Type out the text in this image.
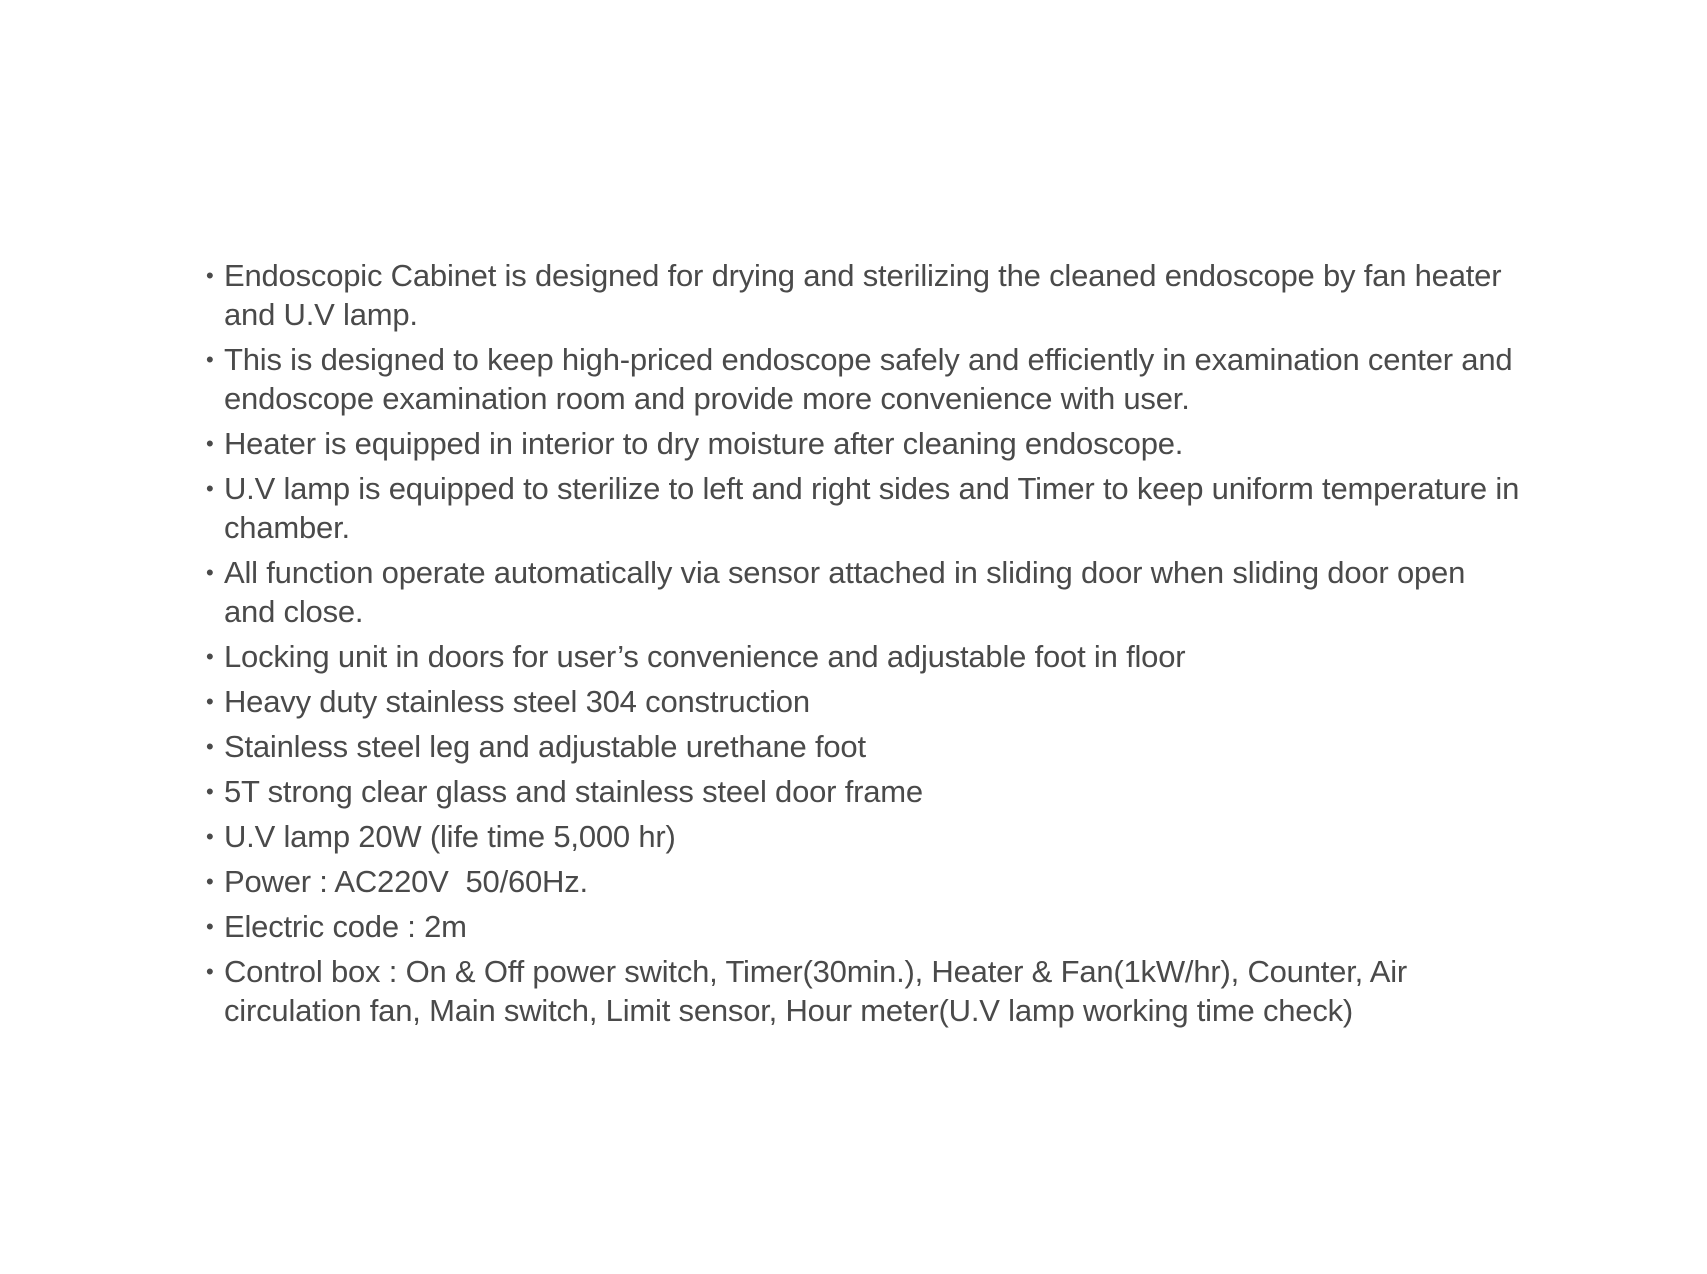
• Endoscopic Cabinet is designed for drying and sterilizing the cleaned endoscope by fan heater and U.V lamp.
• This is designed to keep high-priced endoscope safely and efficiently in examination center and endoscope examination room and provide more convenience with user.
• Heater is equipped in interior to dry moisture after cleaning endoscope.
• U.V lamp is equipped to sterilize to left and right sides and Timer to keep uniform temperature in chamber.
• All function operate automatically via sensor attached in sliding door when sliding door open and close.
• Locking unit in doors for user’s convenience and adjustable foot in floor
• Heavy duty stainless steel 304 construction
• Stainless steel leg and adjustable urethane foot
• 5T strong clear glass and stainless steel door frame
• U.V lamp 20W (life time 5,000 hr)
• Power : AC220V  50/60Hz.
• Electric code : 2m
• Control box : On & Off power switch, Timer(30min.), Heater & Fan(1kW/hr), Counter, Air circulation fan, Main switch, Limit sensor, Hour meter(U.V lamp working time check)
